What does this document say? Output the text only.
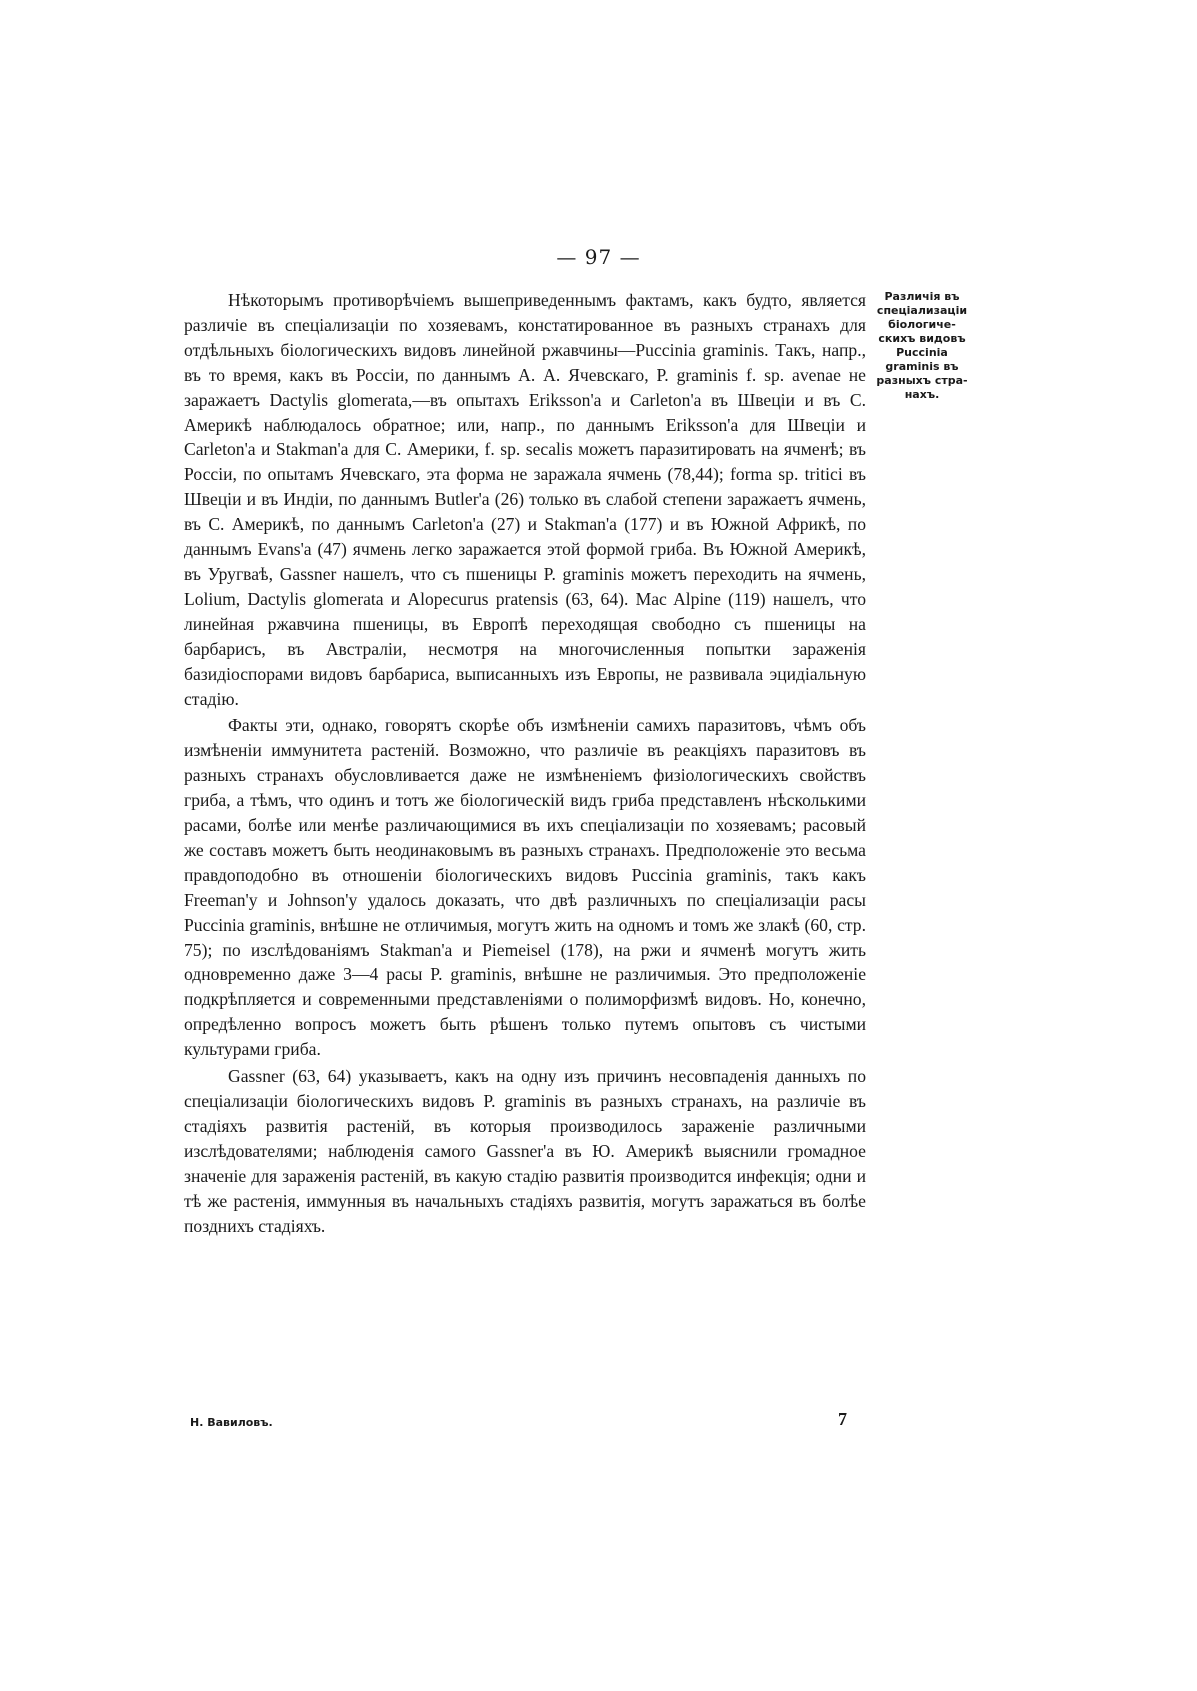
— 97 —
Различія въ спеціализаціи біологиче-скихъ видовъ Puccinia graminis въ разныхъ стра-нахъ.

Нѣкоторымъ противорѣчіемъ вышеприведеннымъ фактамъ, какъ будто, является различіе въ спеціализаціи по хозяевамъ, констатированное въ разныхъ странахъ для отдѣльныхъ біологическихъ видовъ линейной ржавчины—Puccinia graminis. Такъ, напр., въ то время, какъ въ Россіи, по даннымъ А. А. Ячевскаго, P. graminis f. sp. avenae не заражаетъ Dactylis glomerata,—въ опытахъ Eriksson'a и Carleton'a въ Швеціи и въ С. Америкѣ наблюдалось обратное; или, напр., по даннымъ Eriksson'a для Швеціи и Carleton'a и Stakman'a для С. Америки, f. sp. secalis можетъ паразитировать на ячменѣ; въ Россіи, по опытамъ Ячевскаго, эта форма не заражала ячмень (78,44); forma sp. tritici въ Швеціи и въ Индіи, по даннымъ Butler'a (26) только въ слабой степени заражаетъ ячмень, въ С. Америкѣ, по даннымъ Carleton'a (27) и Stakman'a (177) и въ Южной Африкѣ, по даннымъ Evans'a (47) ячмень легко заражается этой формой гриба. Въ Южной Америкѣ, въ Уругваѣ, Gassner нашелъ, что съ пшеницы P. graminis можетъ переходить на ячмень, Lolium, Dactylis glomerata и Alopecurus pratensis (63, 64). Mac Alpine (119) нашелъ, что линейная ржавчина пшеницы, въ Европѣ переходящая свободно съ пшеницы на барбарисъ, въ Австраліи, несмотря на многочисленныя попытки зараженія базидіоспорами видовъ барбариса, выписанныхъ изъ Европы, не развивала эцидіальную стадію.

Факты эти, однако, говорятъ скорѣе объ измѣненіи самихъ паразитовъ, чѣмъ объ измѣненіи иммунитета растеній. Возможно, что различіе въ реакціяхъ паразитовъ въ разныхъ странахъ обусловливается даже не измѣненіемъ физіологическихъ свойствъ гриба, а тѣмъ, что одинъ и тотъ же біологическій видъ гриба представленъ нѣсколькими расами, болѣе или менѣе различающимися въ ихъ спеціализаціи по хозяевамъ; расовый же составъ можетъ быть неодинаковымъ въ разныхъ странахъ. Предположеніе это весьма правдоподобно въ отношеніи біологическихъ видовъ Puccinia graminis, такъ какъ Freeman'y и Johnson'y удалось доказать, что двѣ различныхъ по спеціализаціи расы Puccinia graminis, внѣшне не отличимыя, могутъ жить на одномъ и томъ же злакѣ (60, стр. 75); по изслѣдованіямъ Stakman'a и Piemeisel (178), на ржи и ячменѣ могутъ жить одновременно даже 3—4 расы P. graminis, внѣшне не различимыя. Это предположеніе подкрѣпляется и современными представленіями о полиморфизмѣ видовъ. Но, конечно, опредѣленно вопросъ можетъ быть рѣшенъ только путемъ опытовъ съ чистыми культурами гриба.

Gassner (63, 64) указываетъ, какъ на одну изъ причинъ несовпаденія данныхъ по спеціализаціи біологическихъ видовъ P. graminis въ разныхъ странахъ, на различіе въ стадіяхъ развитія растеній, въ которыя производилось зараженіе различными изслѣдователями; наблюденія самого Gassner'a въ Ю. Америкѣ выяснили громадное значеніе для зараженія растеній, въ какую стадію развитія производится инфекція; одни и тѣ же растенія, иммунныя въ начальныхъ стадіяхъ развитія, могутъ заражаться въ болѣе позднихъ стадіяхъ.

Н. Вавиловъ.	7
